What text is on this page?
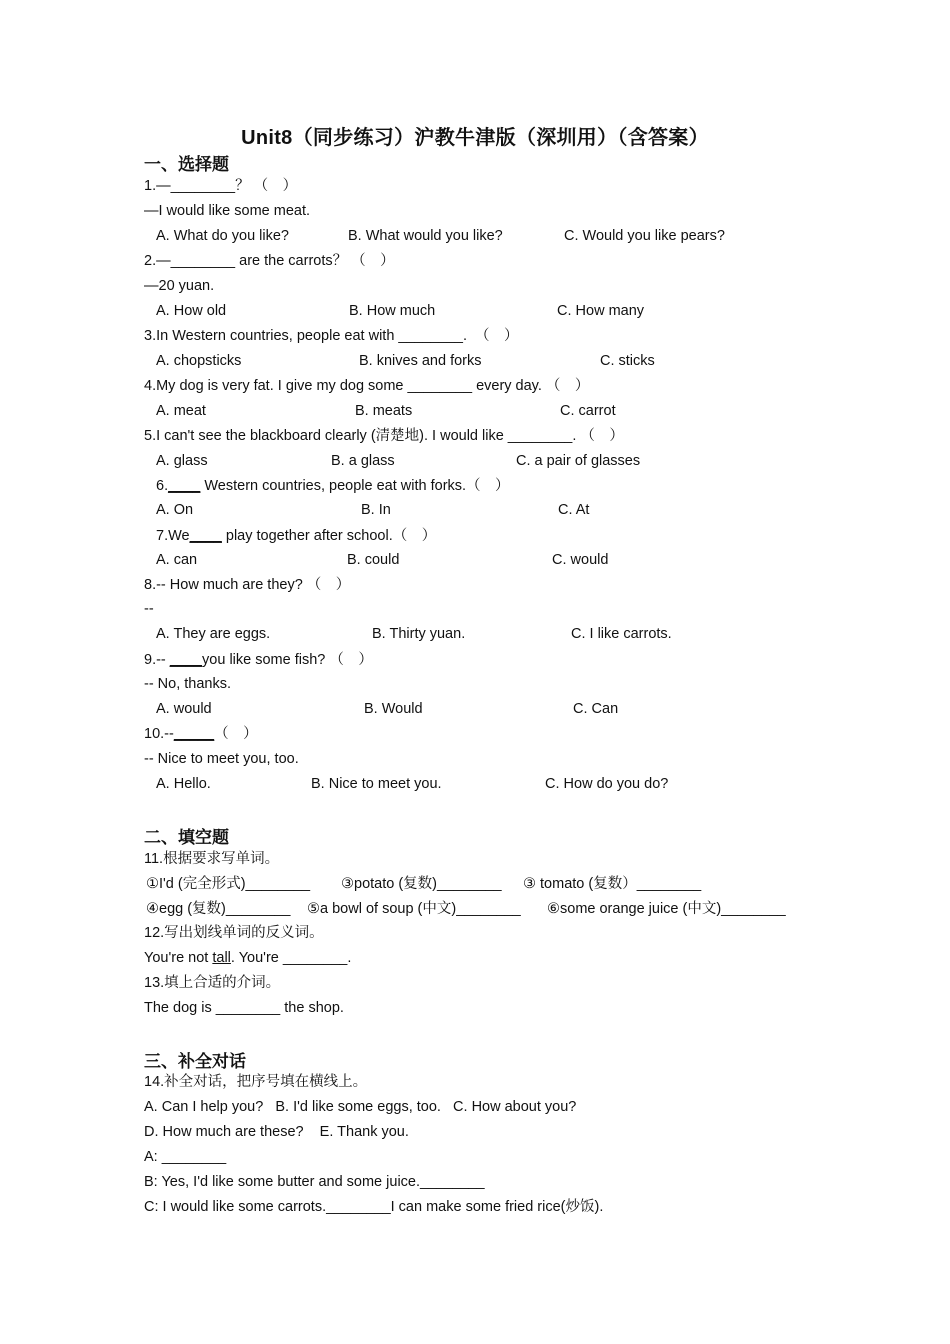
Unit8（同步练习）沪教牛津版（深圳用）（含答案）
一、选择题
1.—________？ （　）
—I would like some meat.
A. What do you like?	B. What would you like?	C. Would you like pears?
2.—________ are the carrots？ （　）
—20 yuan.
A. How old	B. How much	C. How many
3.In Western countries, people eat with ________.  （　）
A. chopsticks	B. knives and forks	C. sticks
4.My dog is very fat. I give my dog some ________ every day. （　）
A. meat	B. meats	C. carrot
5.I can't see the blackboard clearly (清楚地). I would like ________. （　）
A. glass	B. a glass	C. a pair of glasses
6.____ Western countries, people eat with forks.（　）
A. On	B. In	C. At
7.We____ play together after school.（　）
A. can	B. could	C. would
8.-- How much are they? （　）
--
A. They are eggs.	B. Thirty yuan.	C. I like carrots.
9.-- ____you like some fish? （　）
-- No, thanks.
A. would	B. Would	C. Can
10.--_____（　）
-- Nice to meet you, too.
A. Hello.	B. Nice to meet you.	C. How do you do?
二、填空题
11.根据要求写单词。
①I'd (完全形式)________ ③potato (复数)________ ③ tomato (复数）________
④egg (复数)________ ⑤a bowl of soup (中文)________ ⑥some orange juice (中文)________
12.写出划线单词的反义词。
You're not tall. You're ________.
13.填上合适的介词。
The dog is ________ the shop.
三、补全对话
14.补全对话，把序号填在横线上。
A. Can I help you?   B. I'd like some eggs, too.   C. How about you?
D. How much are these?    E. Thank you.
A: ________
B: Yes, I'd like some butter and some juice.________
C: I would like some carrots.________I can make some fried rice(炒饭).
